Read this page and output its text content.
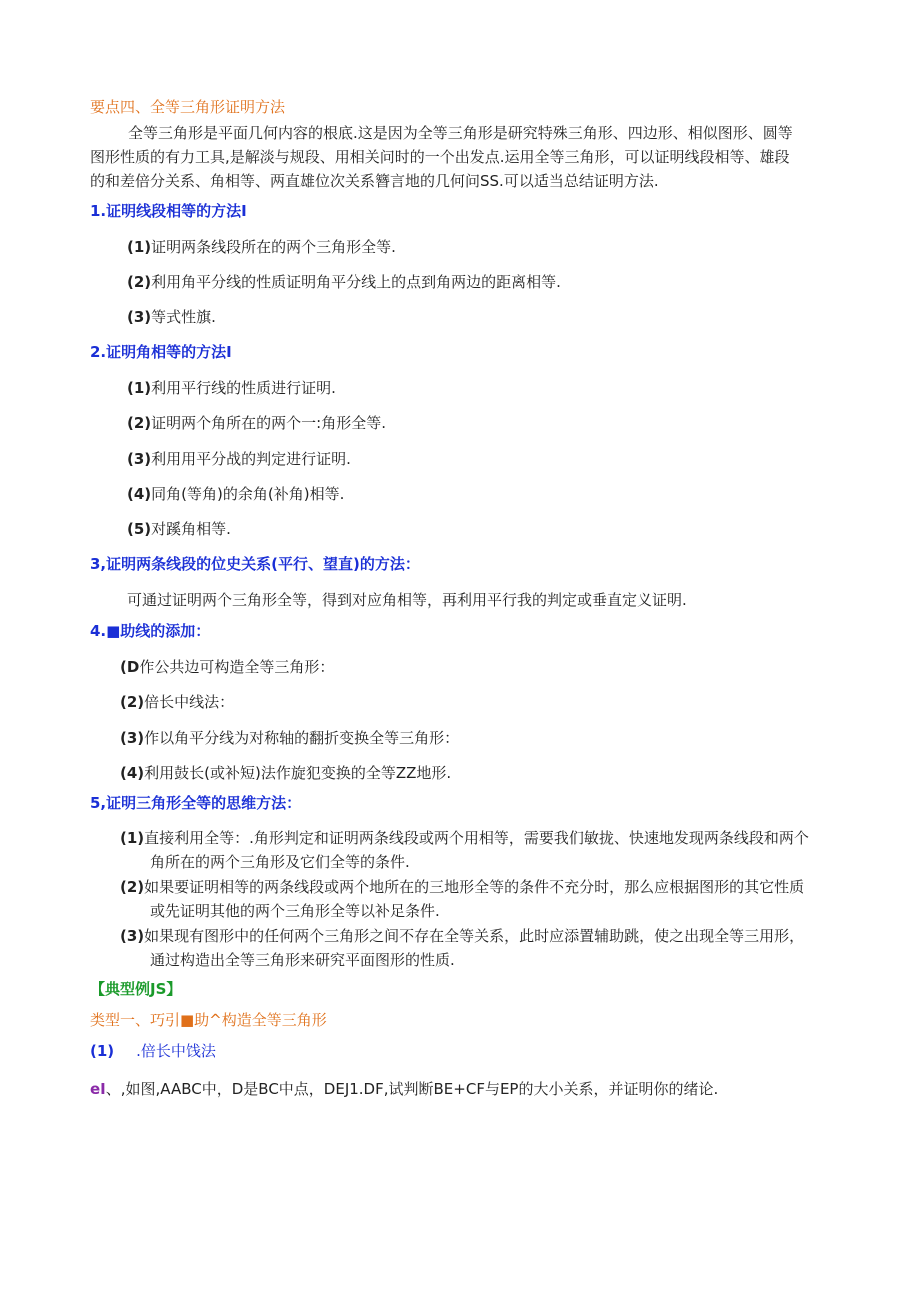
要点四、全等三角形证明方法
全等三角形是平面几何内容的根底.这是因为全等三角形是研究特殊三角形、四边形、相似图形、圆等
图形性质的有力工具,是解淡与规段、用相关问时的一个出发点.运用全等三角形，可以证明线段相等、雄段
的和差倍分关系、角相等、两直雄位次关系簪言地的几何问SS.可以适当总结证明方法.
1.证明线段相等的方法I
(1)证明两条线段所在的两个三角形全等.
(2)利用角平分线的性质证明角平分线上的点到角两边的距离相等.
(3)等式性旗.
2.证明角相等的方法I
(1)利用平行线的性质进行证明.
(2)证明两个角所在的两个一:角形全等.
(3)利用用平分战的判定进行证明.
(4)同角(等角)的余角(补角)相等.
(5)对蹊角相等.
3,证明两条线段的位史关系(平行、望直)的方法：
可通过证明两个三角形全等，得到对应角相等，再利用平行我的判定或垂直定义证明.
4.■助线的添加：
(D作公共边可构造全等三角形：
(2)倍长中线法：
(3)作以角平分线为对称轴的翻折变换全等三角形：
(4)利用鼓长(或补短)法作旋犯变换的全等ZZ地形.
5,证明三角形全等的思维方法：
(1)直接利用全等：.角形判定和证明两条线段或两个用相等，需要我们敏拢、快速地发现两条线段和两个
角所在的两个三角形及它们全等的条件.
(2)如果要证明相等的两条线段或两个地所在的三地形全等的条件不充分时，那么应根据图形的其它性质
或先证明其他的两个三角形全等以补足条件.
(3)如果现有图形中的任何两个三角形之间不存在全等关系，此时应添置辅助跳，使之出现全等三用形，
通过构造出全等三角形来研究平面图形的性质.
【典型例JS】
类型一、巧引■助^构造全等三角形
(1) .倍长中饯法
eI、,如图,AABC中，D是BC中点，DEJ1.DF,试判断BE+CF与EP的大小关系，并证明你的绪论.
